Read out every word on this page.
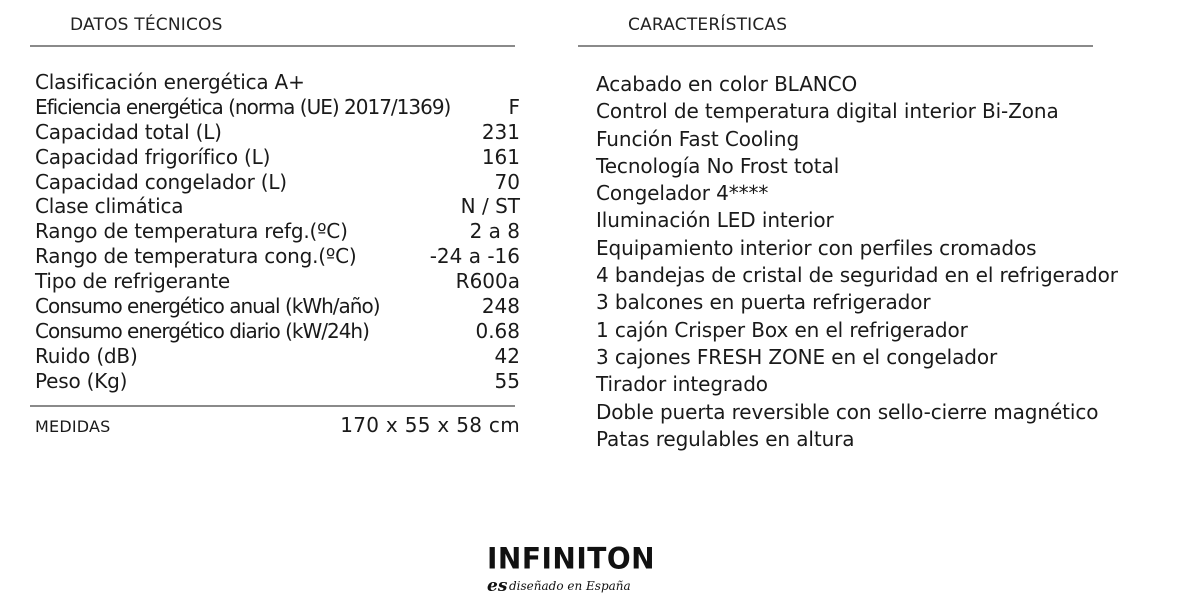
DATOS TÉCNICOS	CARACTERÍSTICAS
Clasificación energética A+
Eficiencia energética (norma (UE) 2017/1369)	F
Capacidad total (L)	231
Capacidad frigorífico (L)	161
Capacidad congelador (L)	70
Clase climática	N / ST
Rango de temperatura refg.(ºC)	2 a 8
Rango de temperatura cong.(ºC)	-24 a -16
Tipo de refrigerante	R600a
Consumo energético anual (kWh/año)	248
Consumo energético diario (kW/24h)	0.68
Ruido (dB)	42
Peso (Kg)	55
MEDIDAS	170 x 55 x 58 cm
Acabado en color BLANCO
Control de temperatura digital interior Bi-Zona
Función Fast Cooling
Tecnología No Frost total
Congelador 4****
Iluminación LED interior
Equipamiento interior con perfiles cromados
4 bandejas de cristal de seguridad en el refrigerador
3 balcones en puerta refrigerador
1 cajón Crisper Box en el refrigerador
3 cajones FRESH ZONE en el congelador
Tirador integrado
Doble puerta reversible con sello-cierre magnético
Patas regulables en altura
INFINITON
es diseñado en España
